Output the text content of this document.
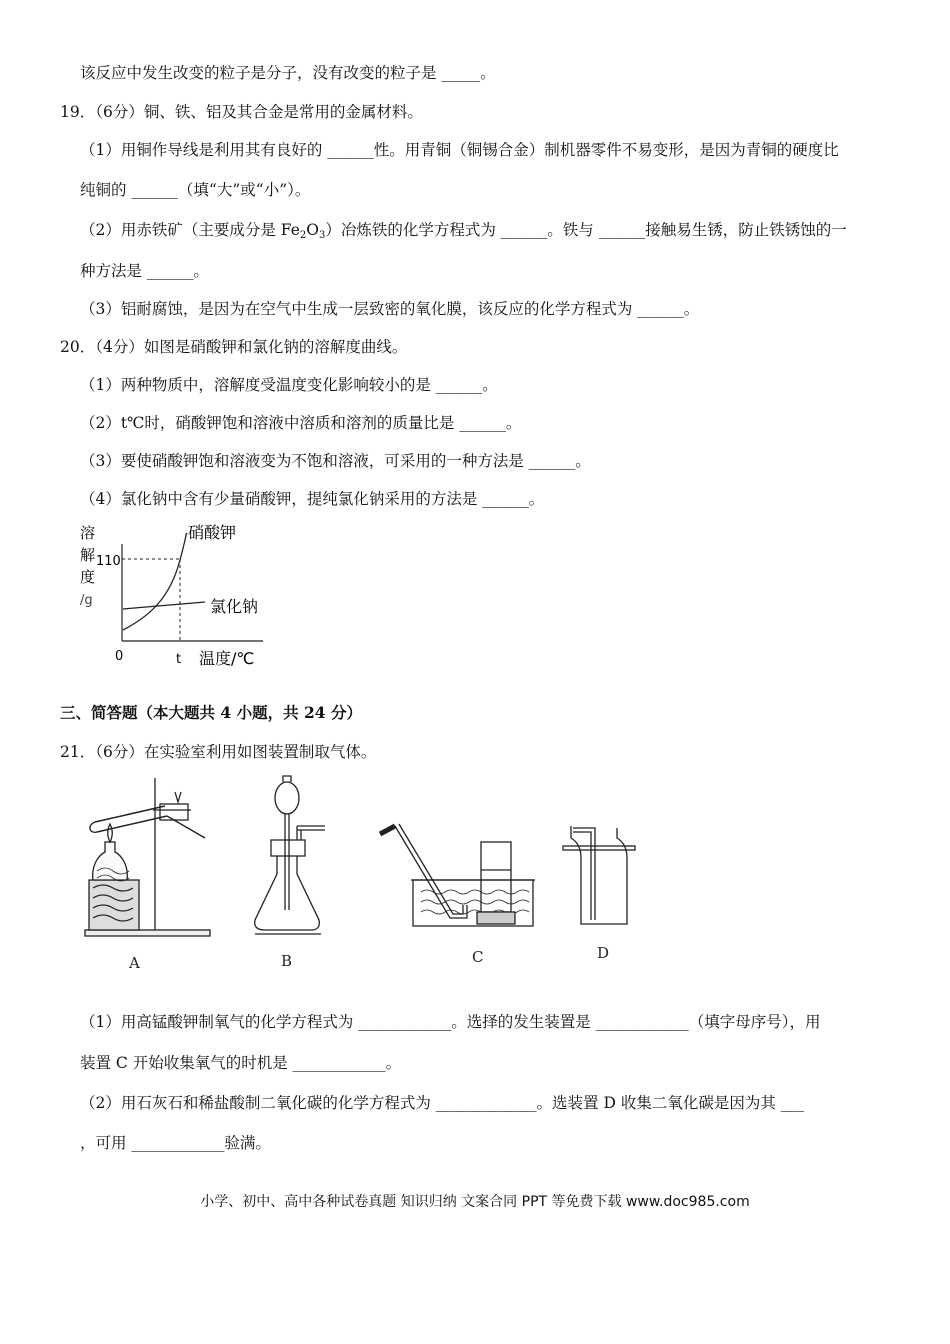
该反应中发生改变的粒子是分子，没有改变的粒子是 _____。
19．（6分）铜、铁、铝及其合金是常用的金属材料。
（1）用铜作导线是利用其有良好的 ______性。用青铜（铜锡合金）制机器零件不易变形，是因为青铜的硬度比
纯铜的 ______（填“大”或“小”）。
（2）用赤铁矿（主要成分是 $Fe_2O_3$）冶炼铁的化学方程式为 ______。铁与 ______接触易生锈，防止铁锈蚀的一
种方法是 ______。
（3）铝耐腐蚀，是因为在空气中生成一层致密的氧化膜，该反应的化学方程式为 ______。
20．（4分）如图是硝酸钾和氯化钠的溶解度曲线。
（1）两种物质中，溶解度受温度变化影响较小的是 ______。
（2）t℃时，硝酸钾饱和溶液中溶质和溶剂的质量比是 ______。
（3）要使硝酸钾饱和溶液变为不饱和溶液，可采用的一种方法是 ______。
（4）氯化钠中含有少量硝酸钾，提纯氯化钠采用的方法是 ______。
溶
解
度
/g
110
硝酸钾
氯化钠
0	t 温度/℃
三、简答题（本大题共 4 小题，共 24 分）
21．（6分）在实验室利用如图装置制取气体。
A	B	C	D
（1）用高锰酸钾制氧气的化学方程式为 ____________。选择的发生装置是 ____________（填字母序号），用
装置 C 开始收集氧气的时机是 ____________。
（2）用石灰石和稀盐酸制二氧化碳的化学方程式为 _____________。选装置 D 收集二氧化碳是因为其 ___
，可用 ____________验满。
小学、初中、高中各种试卷真题 知识归纳 文案合同 PPT 等免费下载 www.doc985.com
